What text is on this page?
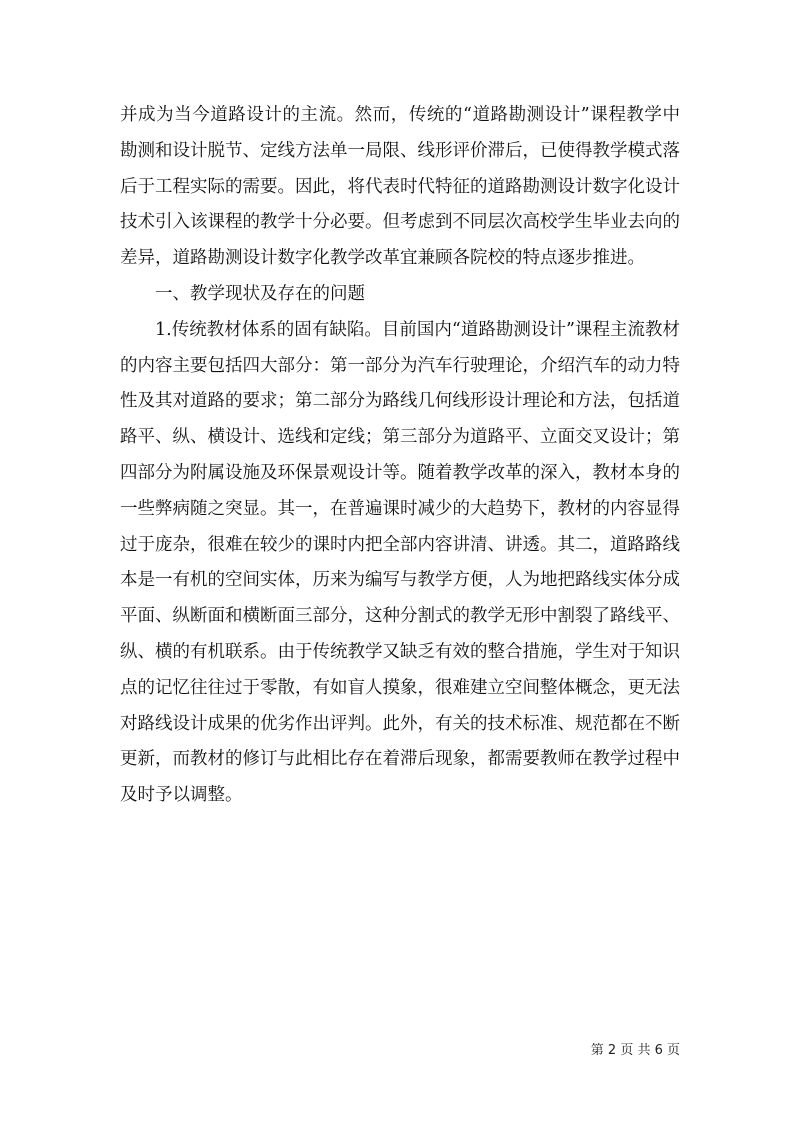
并成为当今道路设计的主流。然而，传统的“道路勘测设计”课程教学中勘测和设计脱节、定线方法单一局限、线形评价滞后，已使得教学模式落后于工程实际的需要。因此，将代表时代特征的道路勘测设计数字化设计技术引入该课程的教学十分必要。但考虑到不同层次高校学生毕业去向的差异，道路勘测设计数字化教学改革宜兼顾各院校的特点逐步推进。

一、教学现状及存在的问题

1.传统教材体系的固有缺陷。目前国内“道路勘测设计”课程主流教材的内容主要包括四大部分：第一部分为汽车行驶理论，介绍汽车的动力特性及其对道路的要求；第二部分为路线几何线形设计理论和方法，包括道路平、纵、横设计、选线和定线；第三部分为道路平、立面交叉设计；第四部分为附属设施及环保景观设计等。随着教学改革的深入，教材本身的一些弊病随之突显。其一，在普遍课时减少的大趋势下，教材的内容显得过于庞杂，很难在较少的课时内把全部内容讲清、讲透。其二，道路路线本是一有机的空间实体，历来为编写与教学方便，人为地把路线实体分成平面、纵断面和横断面三部分，这种分割式的教学无形中割裂了路线平、纵、横的有机联系。由于传统教学又缺乏有效的整合措施，学生对于知识点的记忆往往过于零散，有如盲人摸象，很难建立空间整体概念，更无法对路线设计成果的优劣作出评判。此外，有关的技术标准、规范都在不断更新，而教材的修订与此相比存在着滞后现象，都需要教师在教学过程中及时予以调整。

第 2 页 共 6 页
